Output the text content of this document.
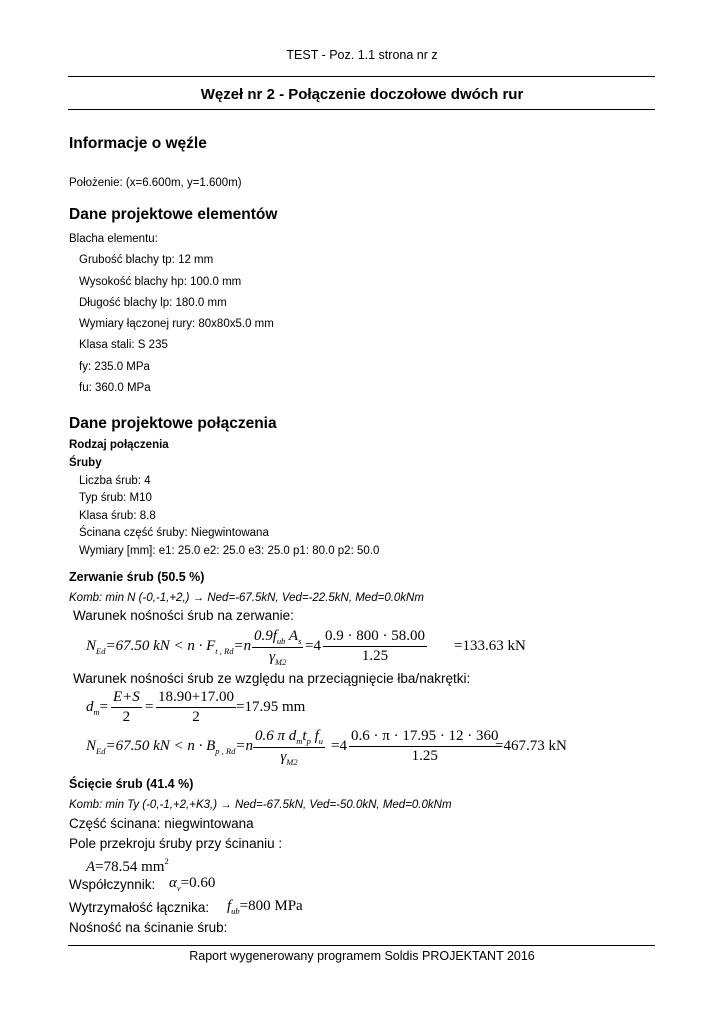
TEST - Poz. 1.1 strona nr z
Węzeł nr 2 - Połączenie doczołowe dwóch rur
Informacje o węźle
Położenie: (x=6.600m, y=1.600m)
Dane projektowe elementów
Blacha elementu:
Grubość blachy tp: 12 mm
Wysokość blachy hp: 100.0 mm
Długość blachy lp: 180.0 mm
Wymiary łączonej rury: 80x80x5.0 mm
Klasa stali: S 235
fy: 235.0 MPa
fu: 360.0 MPa
Dane projektowe połączenia
Rodzaj połączenia
Śruby
Liczba śrub: 4
Typ śrub: M10
Klasa śrub: 8.8
Ścinana część śruby: Niegwintowana
Wymiary [mm]: e1: 25.0 e2: 25.0 e3: 25.0 p1: 80.0 p2: 50.0
Zerwanie śrub (50.5 %)
Komb: min N (-0,-1,+2,) → Ned=-67.5kN, Ved=-22.5kN, Med=0.0kNm
Warunek nośności śrub na zerwanie:
$N_{Ed}=67.50$ kN < $n \cdot F_{t , Rd}=n$
$0.9f_{ub}$ $A_s$
$\gamma_{M2}$
$=4 \frac{0.9 \cdot 800 \cdot 58.00}{1.25} =133.63$ kN
Warunek nośności śrub ze względu na przeciągnięcie łba/nakrętki:
$d_m= \frac{E+S}{2} = \frac{18.90+17.00}{2} =17.95$ mm
$N_{Ed}=67.50$ kN < $n \cdot B_{p , Rd}=n$
0.6 π $d_mt_p$ $f_u$
$\gamma_{M2}$
$=4 \frac{0.6 \cdot \pi \cdot 17.95 \cdot 12 \cdot 360}{1.25}$
=467.73 kN
Ścięcie śrub (41.4 %)
Komb: min Ty (-0,-1,+2,+K3,) → Ned=-67.5kN, Ved=-50.0kN, Med=0.0kNm
Część ścinana: niegwintowana
Pole przekroju śruby przy ścinaniu :
A=78.54 $mm^2$
Współczynnik: $\alpha_v=0.60$
Wytrzymałość łącznika: $f_{ub}=800$ MPa
Nośność na ścinanie śrub:
Raport wygenerowany programem Soldis PROJEKTANT 2016
